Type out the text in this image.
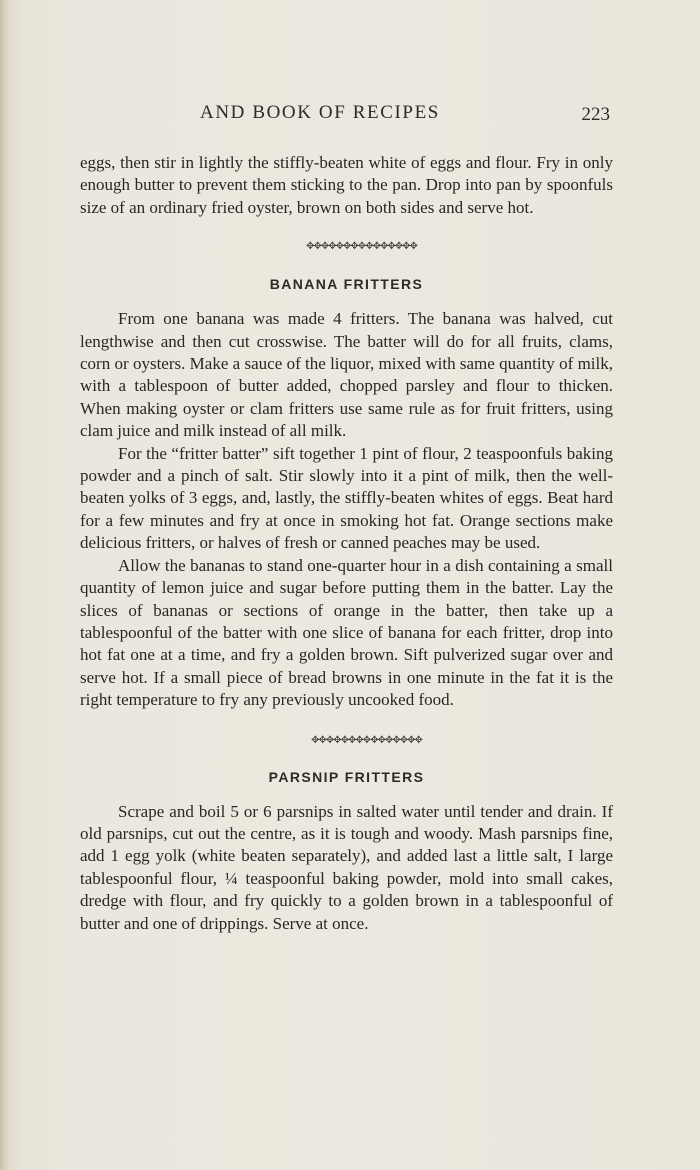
AND BOOK OF RECIPES	223

eggs, then stir in lightly the stiffly-beaten white of eggs and flour. Fry in only enough butter to prevent them sticking to the pan. Drop into pan by spoonfuls size of an ordinary fried oyster, brown on both sides and serve hot.

✥✥✥✥✥✥✥✥✥✥✥✥✥✥✥
BANANA FRITTERS

From one banana was made 4 fritters. The banana was halved, cut lengthwise and then cut crosswise. The batter will do for all fruits, clams, corn or oysters. Make a sauce of the liquor, mixed with same quantity of milk, with a tablespoon of butter added, chopped parsley and flour to thicken. When making oyster or clam fritters use same rule as for fruit fritters, using clam juice and milk instead of all milk.

For the “fritter batter” sift together 1 pint of flour, 2 teaspoonfuls baking powder and a pinch of salt. Stir slowly into it a pint of milk, then the well-beaten yolks of 3 eggs, and, lastly, the stiffly-beaten whites of eggs. Beat hard for a few minutes and fry at once in smoking hot fat. Orange sections make delicious fritters, or halves of fresh or canned peaches may be used.

Allow the bananas to stand one-quarter hour in a dish containing a small quantity of lemon juice and sugar before putting them in the batter. Lay the slices of bananas or sections of orange in the batter, then take up a tablespoonful of the batter with one slice of banana for each fritter, drop into hot fat one at a time, and fry a golden brown. Sift pulverized sugar over and serve hot. If a small piece of bread browns in one minute in the fat it is the right temperature to fry any previously uncooked food.

✥✥✥✥✥✥✥✥✥✥✥✥✥✥✥
PARSNIP FRITTERS

Scrape and boil 5 or 6 parsnips in salted water until tender and drain. If old parsnips, cut out the centre, as it is tough and woody. Mash parsnips fine, add 1 egg yolk (white beaten separately), and added last a little salt, I large tablespoonful flour, ¼ teaspoonful baking powder, mold into small cakes, dredge with flour, and fry quickly to a golden brown in a tablespoonful of butter and one of drippings. Serve at once.
